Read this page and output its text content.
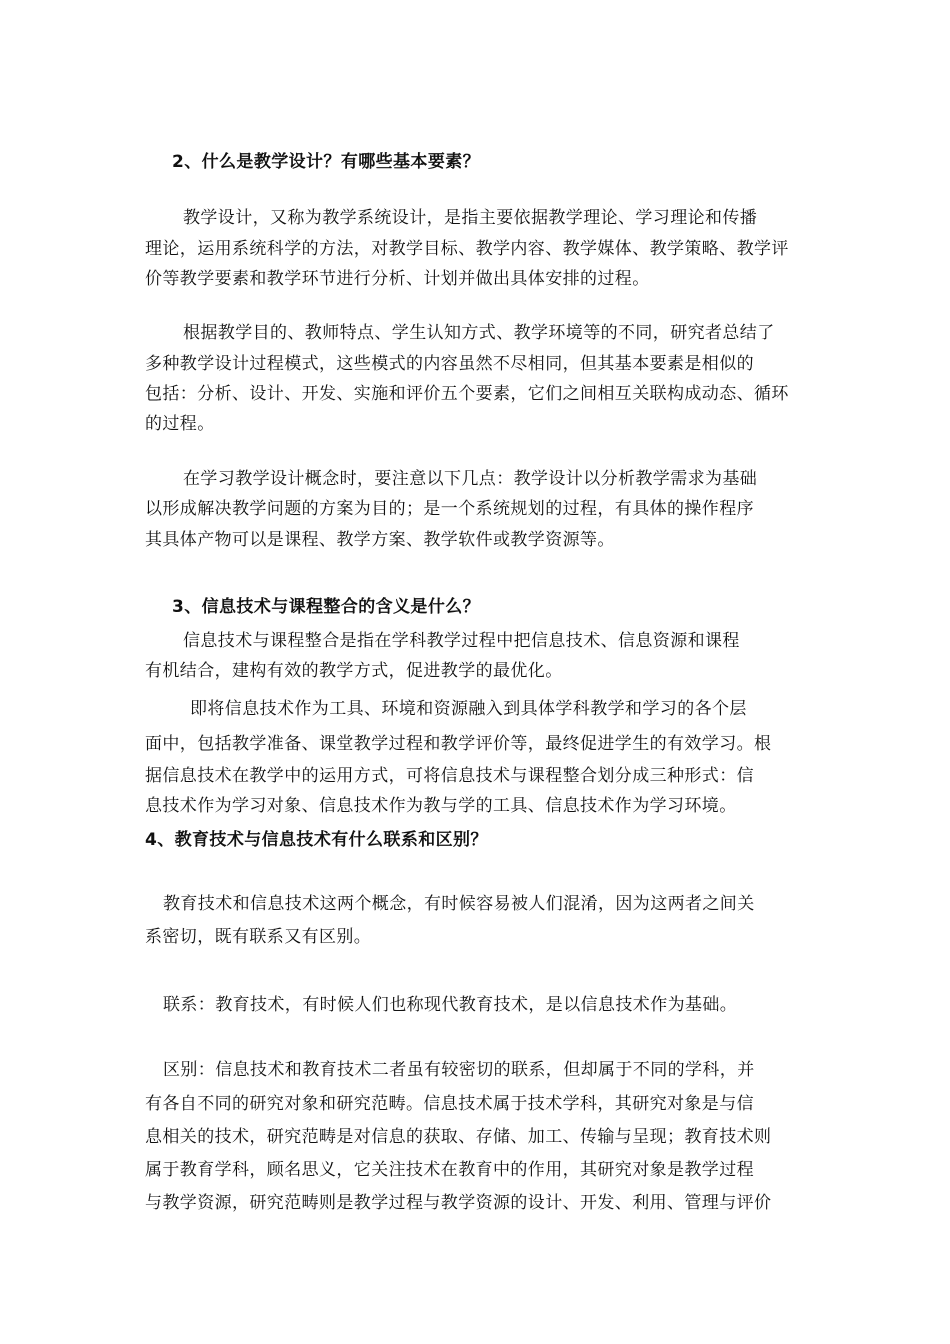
2、什么是教学设计？有哪些基本要素？
教学设计，又称为教学系统设计，是指主要依据教学理论、学习理论和传播
理论，运用系统科学的方法，对教学目标、教学内容、教学媒体、教学策略、教学评
价等教学要素和教学环节进行分析、计划并做出具体安排的过程。
根据教学目的、教师特点、学生认知方式、教学环境等的不同，研究者总结了
多种教学设计过程模式，这些模式的内容虽然不尽相同，但其基本要素是相似的
包括：分析、设计、开发、实施和评价五个要素，它们之间相互关联构成动态、循环
的过程。
在学习教学设计概念时，要注意以下几点：教学设计以分析教学需求为基础
以形成解决教学问题的方案为目的；是一个系统规划的过程，有具体的操作程序
其具体产物可以是课程、教学方案、教学软件或教学资源等。
3、信息技术与课程整合的含义是什么？
信息技术与课程整合是指在学科教学过程中把信息技术、信息资源和课程
有机结合，建构有效的教学方式，促进教学的最优化。
即将信息技术作为工具、环境和资源融入到具体学科教学和学习的各个层
面中，包括教学准备、课堂教学过程和教学评价等，最终促进学生的有效学习。根
据信息技术在教学中的运用方式，可将信息技术与课程整合划分成三种形式：信
息技术作为学习对象、信息技术作为教与学的工具、信息技术作为学习环境。
4、教育技术与信息技术有什么联系和区别？
教育技术和信息技术这两个概念，有时候容易被人们混淆，因为这两者之间关
系密切，既有联系又有区别。
联系：教育技术，有时候人们也称现代教育技术，是以信息技术作为基础。
区别：信息技术和教育技术二者虽有较密切的联系，但却属于不同的学科，并
有各自不同的研究对象和研究范畴。信息技术属于技术学科，其研究对象是与信
息相关的技术，研究范畴是对信息的获取、存储、加工、传输与呈现；教育技术则
属于教育学科，顾名思义，它关注技术在教育中的作用，其研究对象是教学过程
与教学资源，研究范畴则是教学过程与教学资源的设计、开发、利用、管理与评价
